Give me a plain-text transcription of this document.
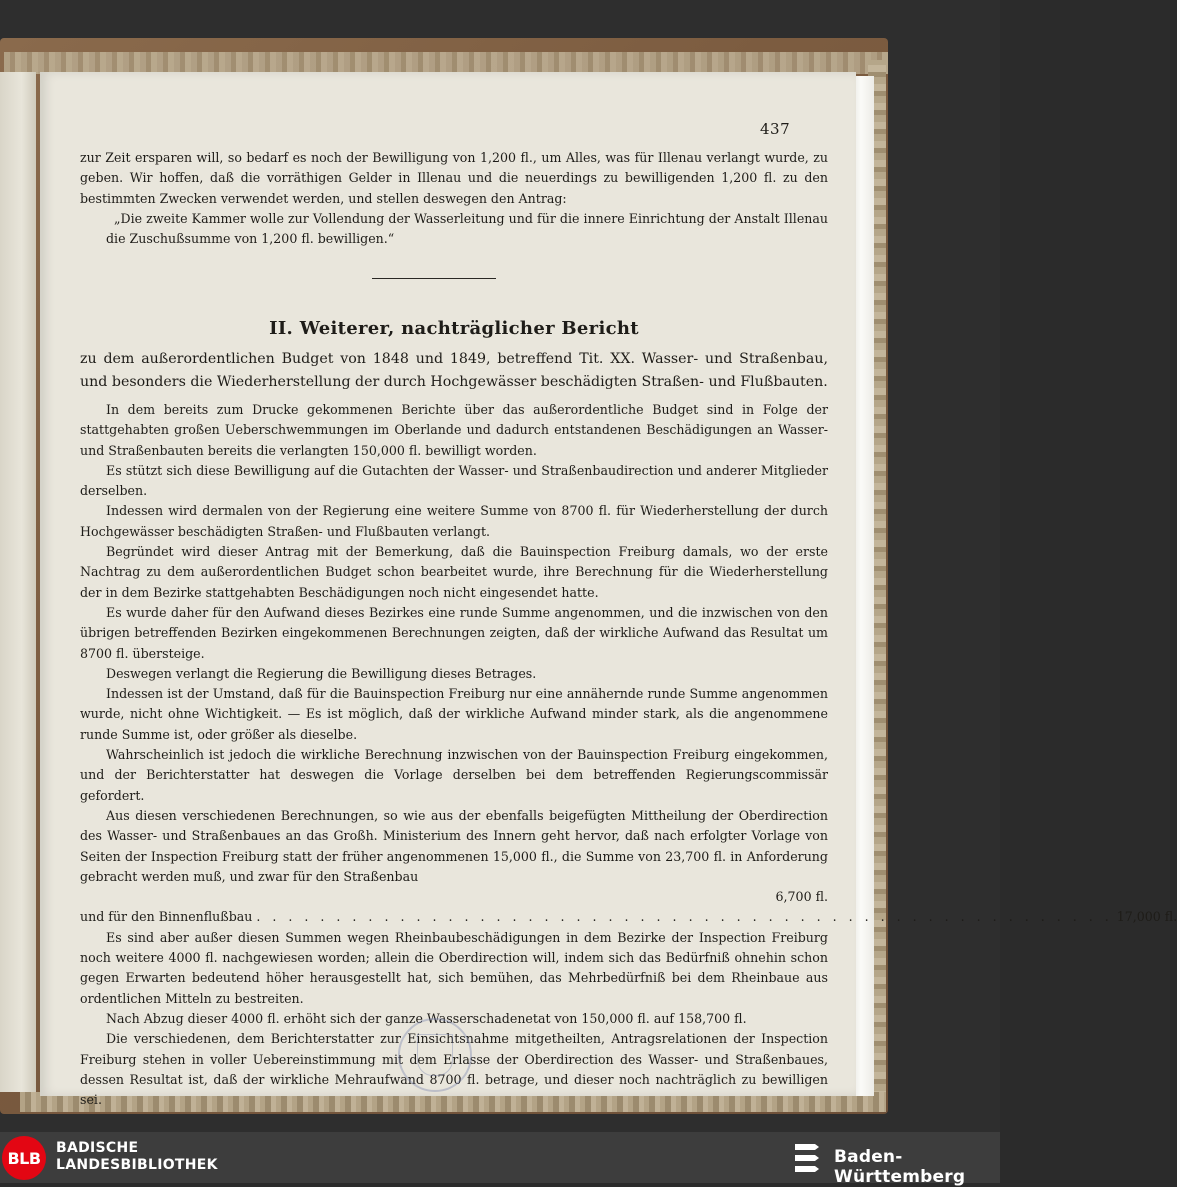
437

zur Zeit ersparen will, so bedarf es noch der Bewilligung von 1,200 fl., um Alles, was für Illenau verlangt wurde, zu geben. Wir hoffen, daß die vorräthigen Gelder in Illenau und die neuerdings zu bewilligenden 1,200 fl. zu den bestimmten Zwecken verwendet werden, und stellen deswegen den Antrag:

„Die zweite Kammer wolle zur Vollendung der Wasserleitung und für die innere Einrichtung der Anstalt Illenau die Zuschußsumme von 1,200 fl. bewilligen.“

II. Weiterer, nachträglicher Bericht
zu dem außerordentlichen Budget von 1848 und 1849, betreffend Tit. XX. Wasser- und Straßenbau, und besonders die Wiederherstellung der durch Hochgewässer beschädigten Straßen- und Flußbauten.

In dem bereits zum Drucke gekommenen Berichte über das außerordentliche Budget sind in Folge der stattgehabten großen Ueberschwemmungen im Oberlande und dadurch entstandenen Beschädigungen an Wasser- und Straßenbauten bereits die verlangten 150,000 fl. bewilligt worden.

Es stützt sich diese Bewilligung auf die Gutachten der Wasser- und Straßenbaudirection und anderer Mitglieder derselben.

Indessen wird dermalen von der Regierung eine weitere Summe von 8700 fl. für Wiederherstellung der durch Hochgewässer beschädigten Straßen- und Flußbauten verlangt.

Begründet wird dieser Antrag mit der Bemerkung, daß die Bauinspection Freiburg damals, wo der erste Nachtrag zu dem außerordentlichen Budget schon bearbeitet wurde, ihre Berechnung für die Wiederherstellung der in dem Bezirke stattgehabten Beschädigungen noch nicht eingesendet hatte.

Es wurde daher für den Aufwand dieses Bezirkes eine runde Summe angenommen, und die inzwischen von den übrigen betreffenden Bezirken eingekommenen Berechnungen zeigten, daß der wirkliche Aufwand das Resultat um 8700 fl. übersteige.

Deswegen verlangt die Regierung die Bewilligung dieses Betrages.

Indessen ist der Umstand, daß für die Bauinspection Freiburg nur eine annähernde runde Summe angenommen wurde, nicht ohne Wichtigkeit. — Es ist möglich, daß der wirkliche Aufwand minder stark, als die angenommene runde Summe ist, oder größer als dieselbe.

Wahrscheinlich ist jedoch die wirkliche Berechnung inzwischen von der Bauinspection Freiburg eingekommen, und der Berichterstatter hat deswegen die Vorlage derselben bei dem betreffenden Regierungscommissär gefordert.

Aus diesen verschiedenen Berechnungen, so wie aus der ebenfalls beigefügten Mittheilung der Oberdirection des Wasser- und Straßenbaues an das Großh. Ministerium des Innern geht hervor, daß nach erfolgter Vorlage von Seiten der Inspection Freiburg statt der früher angenommenen 15,000 fl., die Summe von 23,700 fl. in Anforderung gebracht werden muß, und zwar für den Straßenbau

6,700 fl.
und für den Binnenflußbau . . . . . . . . . . . . . . . . . . . . . . . . . . . . . . . . . . . . . . . . . . . . . . . . . . . . . . 17,000 fl.

Es sind aber außer diesen Summen wegen Rheinbaubeschädigungen in dem Bezirke der Inspection Freiburg noch weitere 4000 fl. nachgewiesen worden; allein die Oberdirection will, indem sich das Bedürfniß ohnehin schon gegen Erwarten bedeutend höher herausgestellt hat, sich bemühen, das Mehrbedürfniß bei dem Rheinbaue aus ordentlichen Mitteln zu bestreiten.

Nach Abzug dieser 4000 fl. erhöht sich der ganze Wasserschadenetat von 150,000 fl. auf 158,700 fl.

Die verschiedenen, dem Berichterstatter zur Einsichtsnahme mitgetheilten, Antragsrelationen der Inspection Freiburg stehen in voller Uebereinstimmung mit dem Erlasse der Oberdirection des Wasser- und Straßenbaues, dessen Resultat ist, daß der wirkliche Mehraufwand 8700 fl. betrage, und dieser noch nachträglich zu bewilligen sei.

BLB
BADISCHE
LANDESBIBLIOTHEK	Baden-Württemberg
